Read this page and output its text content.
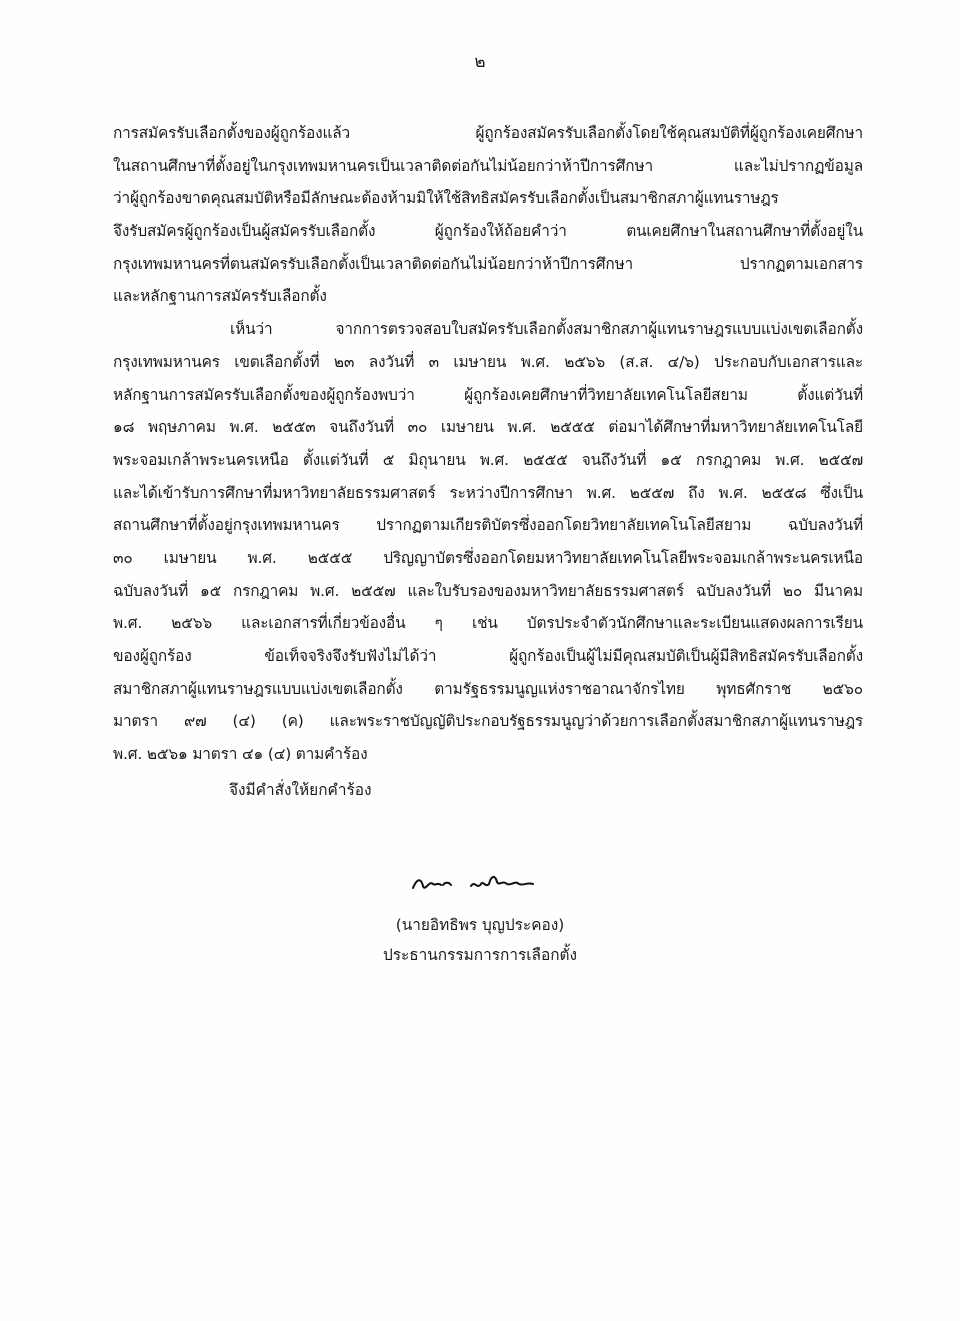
๒
การสมัครรับเลือกตั้งของผู้ถูกร้องแล้ว ผู้ถูกร้องสมัครรับเลือกตั้งโดยใช้คุณสมบัติที่ผู้ถูกร้องเคยศึกษา
ในสถานศึกษาที่ตั้งอยู่ในกรุงเทพมหานครเป็นเวลาติดต่อกันไม่น้อยกว่าห้าปีการศึกษา และไม่ปรากฏข้อมูล
ว่าผู้ถูกร้องขาดคุณสมบัติหรือมีลักษณะต้องห้ามมิให้ใช้สิทธิสมัครรับเลือกตั้งเป็นสมาชิกสภาผู้แทนราษฎร
จึงรับสมัครผู้ถูกร้องเป็นผู้สมัครรับเลือกตั้ง ผู้ถูกร้องให้ถ้อยคำว่า ตนเคยศึกษาในสถานศึกษาที่ตั้งอยู่ใน
กรุงเทพมหานครที่ตนสมัครรับเลือกตั้งเป็นเวลาติดต่อกันไม่น้อยกว่าห้าปีการศึกษา ปรากฏตามเอกสาร
และหลักฐานการสมัครรับเลือกตั้ง
เห็นว่า จากการตรวจสอบใบสมัครรับเลือกตั้งสมาชิกสภาผู้แทนราษฎรแบบแบ่งเขตเลือกตั้ง
กรุงเทพมหานคร เขตเลือกตั้งที่ ๒๓ ลงวันที่ ๓ เมษายน พ.ศ. ๒๕๖๖ (ส.ส. ๔/๖) ประกอบกับเอกสารและ
หลักฐานการสมัครรับเลือกตั้งของผู้ถูกร้องพบว่า ผู้ถูกร้องเคยศึกษาที่วิทยาลัยเทคโนโลยีสยาม ตั้งแต่วันที่
๑๘ พฤษภาคม พ.ศ. ๒๕๕๓ จนถึงวันที่ ๓๐ เมษายน พ.ศ. ๒๕๕๕ ต่อมาได้ศึกษาที่มหาวิทยาลัยเทคโนโลยี
พระจอมเกล้าพระนครเหนือ ตั้งแต่วันที่ ๕ มิถุนายน พ.ศ. ๒๕๕๕ จนถึงวันที่ ๑๕ กรกฎาคม พ.ศ. ๒๕๕๗
และได้เข้ารับการศึกษาที่มหาวิทยาลัยธรรมศาสตร์ ระหว่างปีการศึกษา พ.ศ. ๒๕๕๗ ถึง พ.ศ. ๒๕๕๘ ซึ่งเป็น
สถานศึกษาที่ตั้งอยู่กรุงเทพมหานคร ปรากฏตามเกียรติบัตรซึ่งออกโดยวิทยาลัยเทคโนโลยีสยาม ฉบับลงวันที่
๓๐ เมษายน พ.ศ. ๒๕๕๕ ปริญญาบัตรซึ่งออกโดยมหาวิทยาลัยเทคโนโลยีพระจอมเกล้าพระนครเหนือ
ฉบับลงวันที่ ๑๕ กรกฎาคม พ.ศ. ๒๕๕๗ และใบรับรองของมหาวิทยาลัยธรรมศาสตร์ ฉบับลงวันที่ ๒๐ มีนาคม
พ.ศ. ๒๕๖๖ และเอกสารที่เกี่ยวข้องอื่น ๆ เช่น บัตรประจำตัวนักศึกษาและระเบียนแสดงผลการเรียน
ของผู้ถูกร้อง ข้อเท็จจริงจึงรับฟังไม่ได้ว่า ผู้ถูกร้องเป็นผู้ไม่มีคุณสมบัติเป็นผู้มีสิทธิสมัครรับเลือกตั้ง
สมาชิกสภาผู้แทนราษฎรแบบแบ่งเขตเลือกตั้ง ตามรัฐธรรมนูญแห่งราชอาณาจักรไทย พุทธศักราช ๒๕๖๐
มาตรา ๙๗ (๔) (ค) และพระราชบัญญัติประกอบรัฐธรรมนูญว่าด้วยการเลือกตั้งสมาชิกสภาผู้แทนราษฎร
พ.ศ. ๒๕๖๑ มาตรา ๔๑ (๔) ตามคำร้อง
จึงมีคำสั่งให้ยกคำร้อง
(นายอิทธิพร บุญประคอง)
ประธานกรรมการการเลือกตั้ง
